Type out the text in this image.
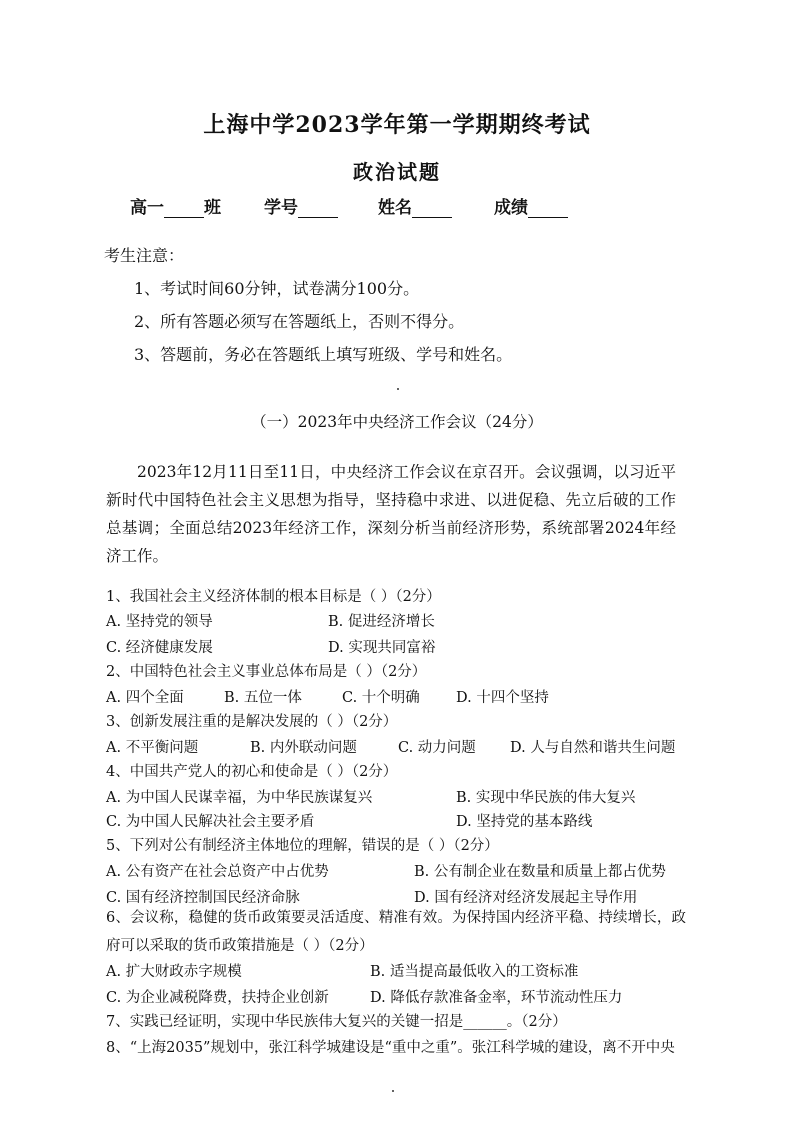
上海中学2023学年第一学期期终考试
政治试题
高一 班	学号	姓名	成绩
考生注意：
1、考试时间60分钟，试卷满分100分。
2、所有答题必须写在答题纸上，否则不得分。
3、答题前，务必在答题纸上填写班级、学号和姓名。
（一）2023年中央经济工作会议（24分）
2023年12月11日至11日，中央经济工作会议在京召开。会议强调，以习近平新时代中国特色社会主义思想为指导，坚持稳中求进、以进促稳、先立后破的工作总基调；全面总结2023年经济工作，深刻分析当前经济形势，系统部署2024年经济工作。
1、我国社会主义经济体制的根本目标是（ ）（2分）
A. 坚持党的领导	B. 促进经济增长
C. 经济健康发展	D. 实现共同富裕
2、中国特色社会主义事业总体布局是（ ）（2分）
A. 四个全面	B. 五位一体	C. 十个明确 D. 十四个坚持
3、创新发展注重的是解决发展的（ ）（2分）
A. 不平衡问题	B. 内外联动问题	C. 动力问题 D. 人与自然和谐共生问题
4、中国共产党人的初心和使命是（ ）（2分）
A. 为中国人民谋幸福，为中华民族谋复兴	B. 实现中华民族的伟大复兴
C. 为中国人民解决社会主要矛盾	D. 坚持党的基本路线
5、下列对公有制经济主体地位的理解，错误的是（ ）（2分）
A. 公有资产在社会总资产中占优势	B. 公有制企业在数量和质量上都占优势
C. 国有经济控制国民经济命脉	D. 国有经济对经济发展起主导作用
6、会议称，稳健的货币政策要灵活适度、精准有效。为保持国内经济平稳、持续增长，政府可以采取的货币政策措施是（ ）（2分）
A. 扩大财政赤字规模	B. 适当提高最低收入的工资标准
C. 为企业减税降费，扶持企业创新	D. 降低存款准备金率，环节流动性压力
7、实践已经证明，实现中华民族伟大复兴的关键一招是______。（2分）
8、“上海2035”规划中，张江科学城建设是“重中之重”。张江科学城的建设，离不开中央
